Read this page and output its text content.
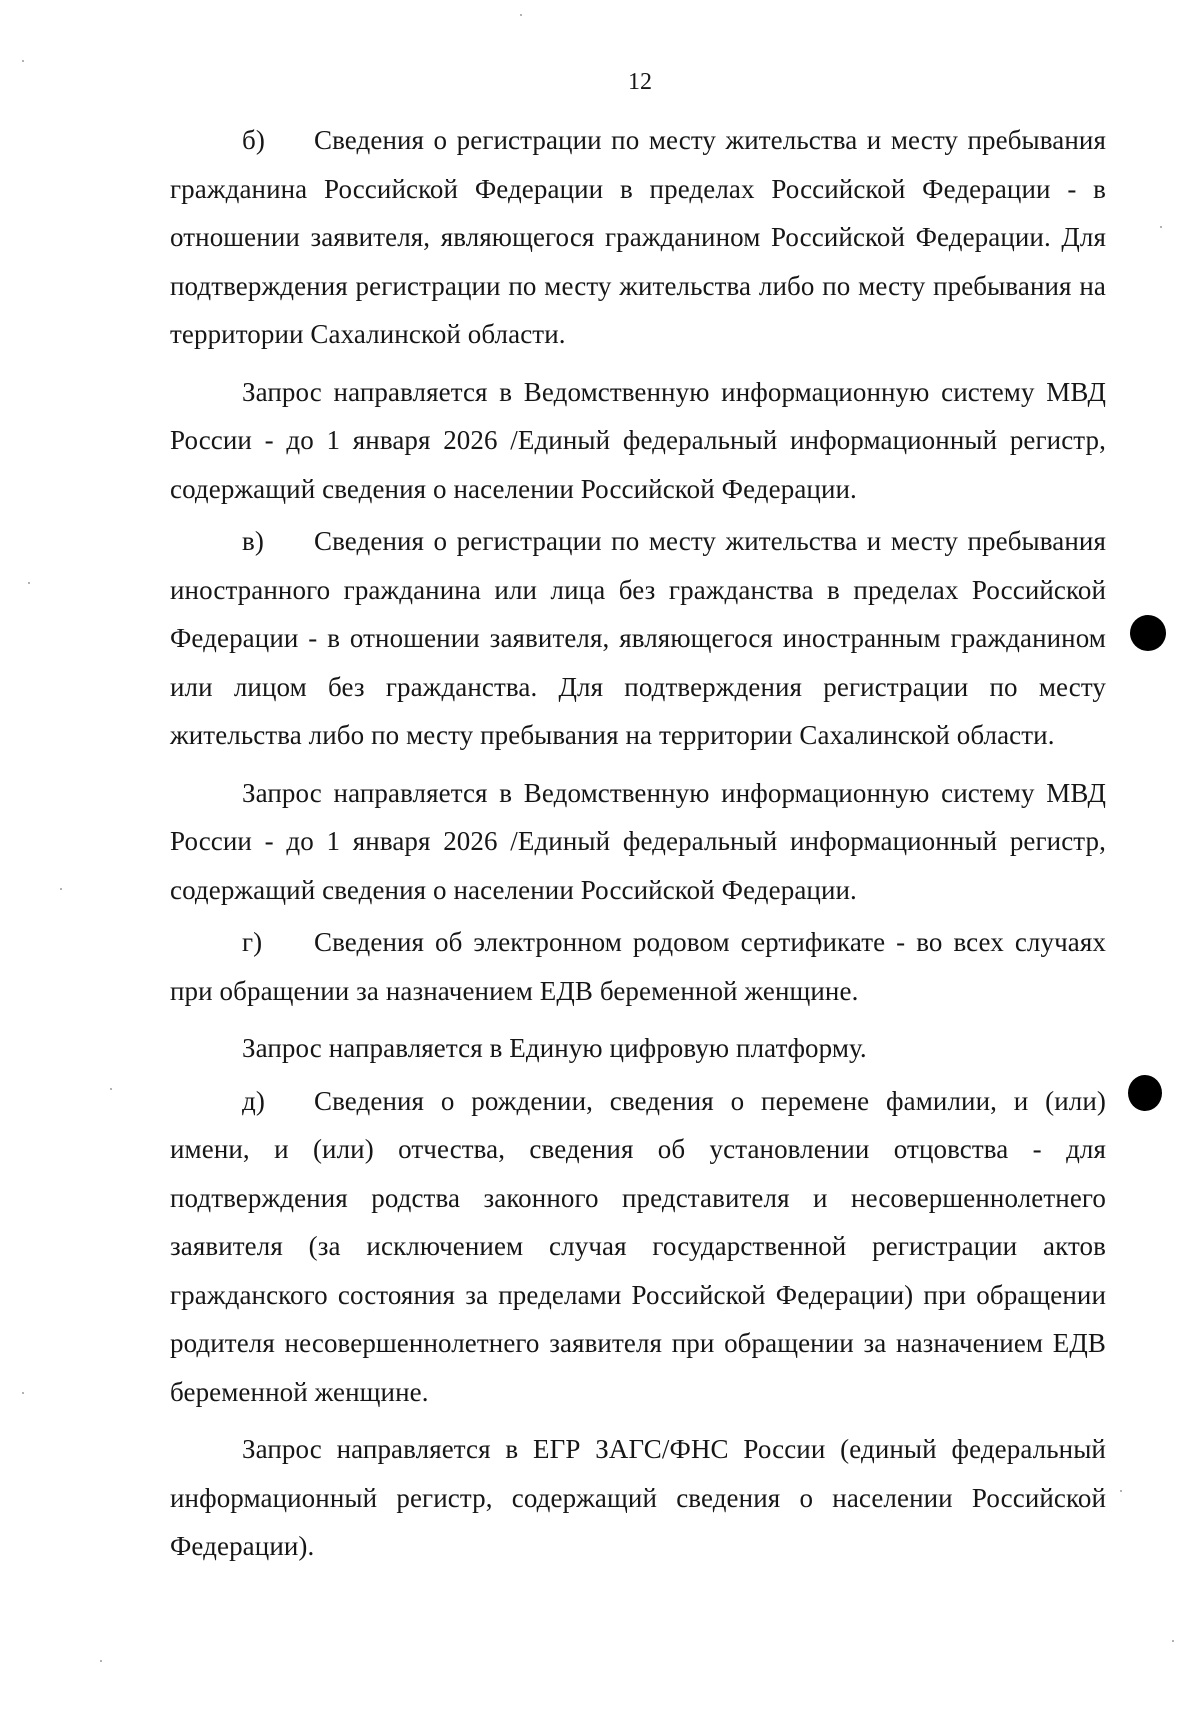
12

б) Сведения о регистрации по месту жительства и месту пребывания гражданина Российской Федерации в пределах Российской Федерации - в отношении заявителя, являющегося гражданином Российской Федерации. Для подтверждения регистрации по месту жительства либо по месту пребывания на территории Сахалинской области.

Запрос направляется в Ведомственную информационную систему МВД России - до 1 января 2026 /Единый федеральный информационный регистр, содержащий сведения о населении Российской Федерации.

в) Сведения о регистрации по месту жительства и месту пребывания иностранного гражданина или лица без гражданства в пределах Российской Федерации - в отношении заявителя, являющегося иностранным гражданином или лицом без гражданства. Для подтверждения регистрации по месту жительства либо по месту пребывания на территории Сахалинской области.

Запрос направляется в Ведомственную информационную систему МВД России - до 1 января 2026 /Единый федеральный информационный регистр, содержащий сведения о населении Российской Федерации.

г) Сведения об электронном родовом сертификате - во всех случаях при обращении за назначением ЕДВ беременной женщине.

Запрос направляется в Единую цифровую платформу.

д) Сведения о рождении, сведения о перемене фамилии, и (или) имени, и (или) отчества, сведения об установлении отцовства - для подтверждения родства законного представителя и несовершеннолетнего заявителя (за исключением случая государственной регистрации актов гражданского состояния за пределами Российской Федерации) при обращении родителя несовершеннолетнего заявителя при обращении за назначением ЕДВ беременной женщине.

Запрос направляется в ЕГР ЗАГС/ФНС России (единый федеральный информационный регистр, содержащий сведения о населении Российской Федерации).
